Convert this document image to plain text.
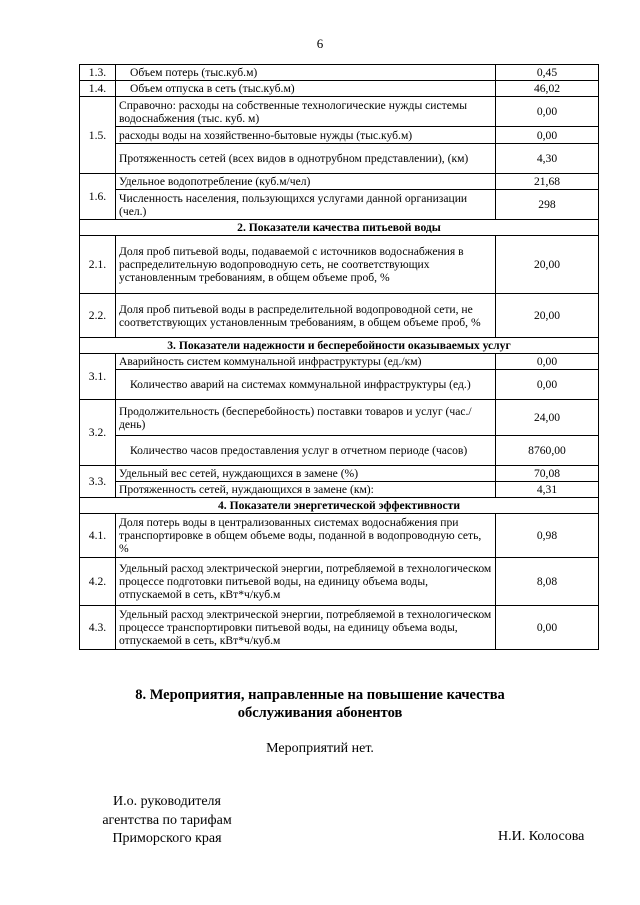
6
1.3.	Объем потерь (тыс.куб.м)	0,45
1.4.	Объем отпуска в сеть (тыс.куб.м)	46,02
1.5.	Справочно: расходы на собственные технологические нужды системы водоснабжения (тыс. куб. м)	0,00
	расходы воды на хозяйственно-бытовые нужды (тыс.куб.м)	0,00
	Протяженность сетей (всех видов в однотрубном представлении), (км)	4,30
1.6.	Удельное водопотребление (куб.м/чел)	21,68
	Численность населения, пользующихся услугами данной организации (чел.)	298
2. Показатели качества питьевой воды		
2.1.	Доля проб питьевой воды, подаваемой с источников водоснабжения в распределительную водопроводную сеть, не соответствующих установленным требованиям, в общем объеме проб, %	20,00
2.2.	Доля проб питьевой воды в распределительной водопроводной сети, не соответствующих установленным требованиям, в общем объеме проб, %	20,00
3. Показатели надежности и бесперебойности оказываемых услуг		
3.1.	Аварийность систем коммунальной инфраструктуры (ед./км)	0,00
	Количество аварий на системах коммунальной инфраструктуры (ед.)	0,00
3.2.	Продолжительность (бесперебойность) поставки товаров и услуг (час./день)	24,00
	Количество часов предоставления услуг в отчетном периоде (часов)	8760,00
3.3.	Удельный вес сетей, нуждающихся в замене (%)	70,08
	Протяженность сетей, нуждающихся в замене (км):	4,31
4. Показатели энергетической эффективности		
4.1.	Доля потерь воды в централизованных системах водоснабжения при транспортировке в общем объеме воды, поданной в водопроводную сеть, %	0,98
4.2.	Удельный расход электрической энергии, потребляемой в технологическом процессе подготовки питьевой воды, на единицу объема воды, отпускаемой в сеть, кВт*ч/куб.м	8,08
4.3.	Удельный расход электрической энергии, потребляемой в технологическом процессе транспортировки питьевой воды, на единицу объема воды, отпускаемой в сеть, кВт*ч/куб.м	0,00
8. Мероприятия, направленные на повышение качества
обслуживания абонентов
Мероприятий нет.
И.о. руководителя
агентства по тарифам
Приморского края	Н.И. Колосова
